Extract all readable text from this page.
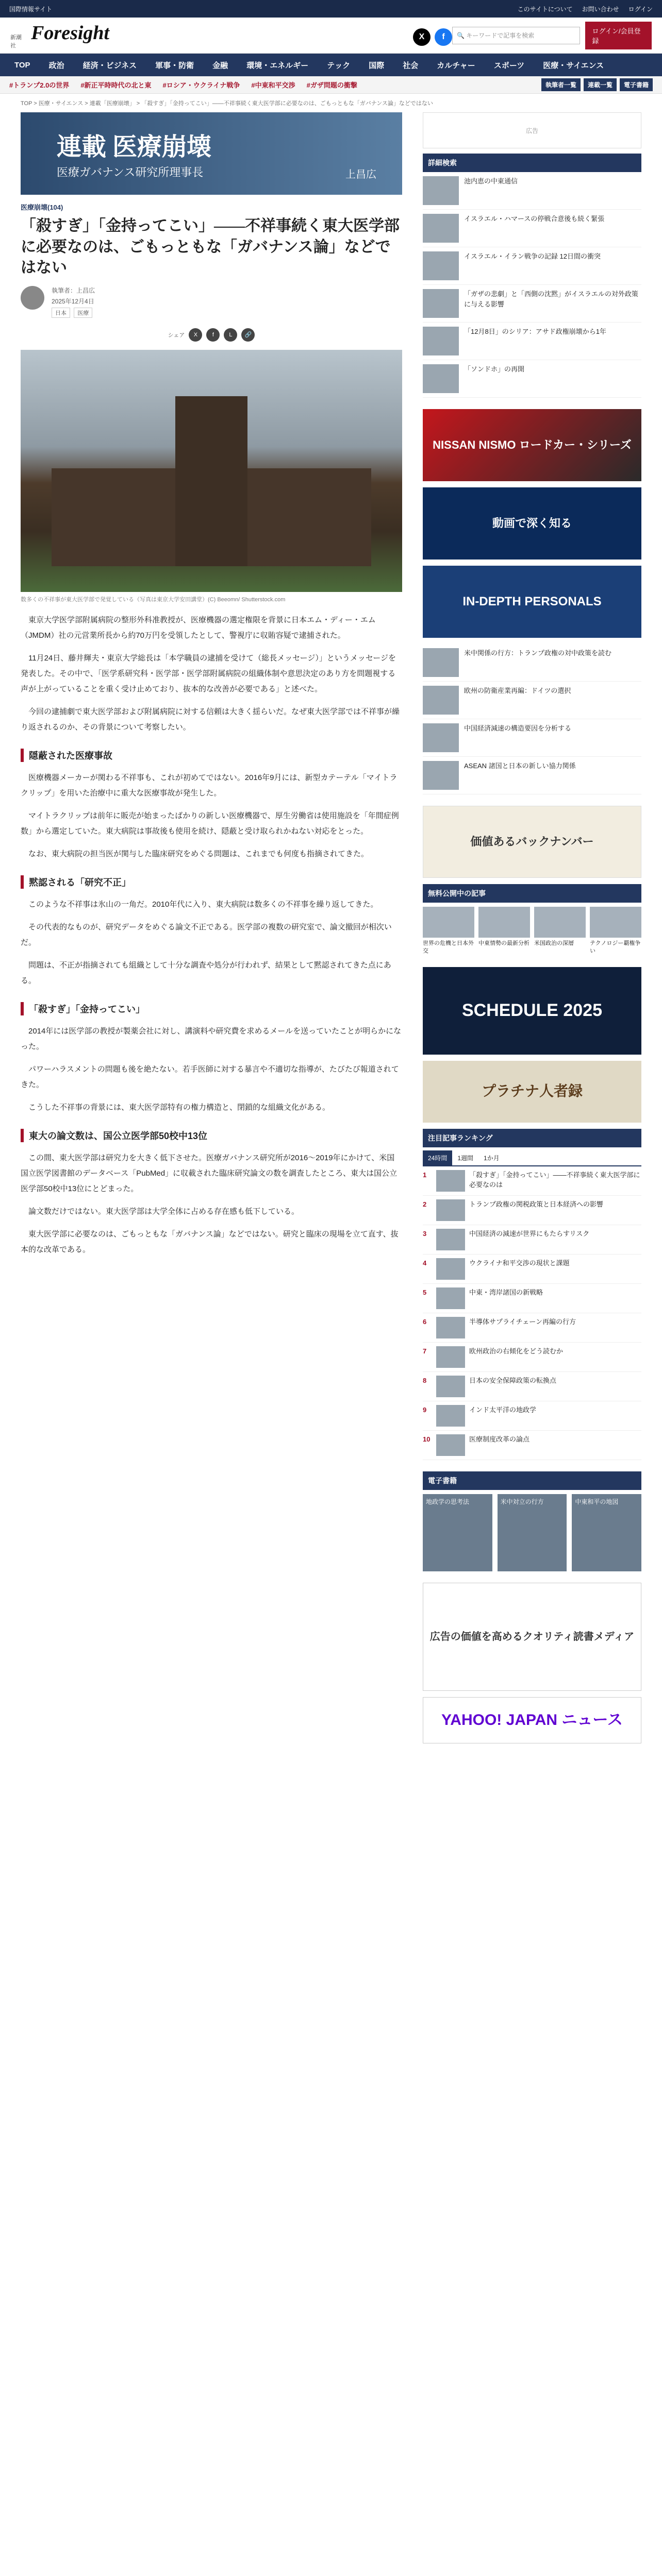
国際情報サイト	このサイトについて お問い合わせ ログイン
新潮社
Foresight	X	f	🔍 キーワードで記事を検索
ログイン/会員登録
TOP	政治	経済・ビジネス	軍事・防衛	金融	環境・エネルギー	テック	国際	社会	カルチャー	スポーツ	医療・サイエンス
#トランプ2.0の世界 #新正平時時代の北と東 #ロシア・ウクライナ戦争 #中東和平交渉 #ガザ問題の衝撃	執筆者一覧	連載一覧	電子書籍
TOP > 医療・サイエンス > 連載「医療崩壊」 > 「殺すぎ」「金持ってこい」――不祥事続く東大医学部に必要なのは、ごもっともな「ガバナンス論」などではない
連載 医療崩壊
医療ガバナンス研究所理事長	上昌広
医療崩壊(104)
「殺すぎ」「金持ってこい」――不祥事続く東大医学部に必要なのは、ごもっともな「ガバナンス論」などではない
執筆者：上昌広
2025年12月4日
日本 医療
シェア	X	f	L	🔗
数多くの不祥事が東大医学部で発覚している（写真は東京大学安田講堂）(C) Beeomn/ Shutterstock.com

東京大学医学部附属病院の整形外科准教授が、医療機器の選定権限を背景に日本エム・ディー・エム（JMDM）社の元営業所長から約70万円を受領したとして、警視庁に収賄容疑で逮捕された。

11月24日、藤井輝夫・東京大学総長は「本学職員の逮捕を受けて（総長メッセージ）」というメッセージを発表した。その中で、「医学系研究科・医学部・医学部附属病院の組織体制や意思決定のあり方を問題視する声が上がっていることを重く受け止めており、抜本的な改善が必要である」と述べた。

今回の逮捕劇で東大医学部および附属病院に対する信頼は大きく揺らいだ。なぜ東大医学部では不祥事が繰り返されるのか、その背景について考察したい。

隠蔽された医療事故

医療機器メーカーが関わる不祥事も、これが初めてではない。2016年9月には、新型カテーテル「マイトラクリップ」を用いた治療中に重大な医療事故が発生した。

マイトラクリップは前年に販売が始まったばかりの新しい医療機器で、厚生労働省は使用施設を「年間症例数」から選定していた。東大病院は事故後も使用を続け、隠蔽と受け取られかねない対応をとった。

なお、東大病院の担当医が関与した臨床研究をめぐる問題は、これまでも何度も指摘されてきた。

黙認される「研究不正」

このような不祥事は氷山の一角だ。2010年代に入り、東大病院は数多くの不祥事を繰り返してきた。

その代表的なものが、研究データをめぐる論文不正である。医学部の複数の研究室で、論文撤回が相次いだ。

問題は、不正が指摘されても組織として十分な調査や処分が行われず、結果として黙認されてきた点にある。

「殺すぎ」「金持ってこい」

2014年には医学部の教授が製薬会社に対し、講演料や研究費を求めるメールを送っていたことが明らかになった。

パワーハラスメントの問題も後を絶たない。若手医師に対する暴言や不適切な指導が、たびたび報道されてきた。

こうした不祥事の背景には、東大医学部特有の権力構造と、閉鎖的な組織文化がある。

東大の論文数は、国公立医学部50校中13位

この間、東大医学部は研究力を大きく低下させた。医療ガバナンス研究所が2016〜2019年にかけて、米国国立医学図書館のデータベース「PubMed」に収載された臨床研究論文の数を調査したところ、東大は国公立医学部50校中13位にとどまった。

論文数だけではない。東大医学部は大学全体に占める存在感も低下している。

東大医学部に必要なのは、ごもっともな「ガバナンス論」などではない。研究と臨床の現場を立て直す、抜本的な改革である。

広告
詳細検索
池内恵の中東通信
イスラエル・ハマースの停戦合意後も続く緊張
イスラエル・イラン戦争の記録 12日間の衝突
「ガザの悲劇」と「西側の沈黙」がイスラエルの対外政策に与える影響
「12月8日」のシリア：アサド政権崩壊から1年
「ソンドホ」の再開
NISSAN NISMO ロードカー・シリーズ
動画で深く知る
IN-DEPTH PERSONALS
米中関係の行方：トランプ政権の対中政策を読む
欧州の防衛産業再編：ドイツの選択
中国経済減速の構造要因を分析する
ASEAN 諸国と日本の新しい協力関係
価値あるバックナンバー
無料公開中の記事
世界の危機と日本外交
中東情勢の最新分析 米国政治の深層	テクノロジー覇権争い
SCHEDULE 2025
プラチナ人者録
注目記事ランキング
24時間	1週間	1か月
1	「殺すぎ」「金持ってこい」――不祥事続く東大医学部に必要なのは
2	トランプ政権の関税政策と日本経済への影響
3	中国経済の減速が世界にもたらすリスク
4	ウクライナ和平交渉の現状と課題
5	中東・湾岸諸国の新戦略
6	半導体サプライチェーン再編の行方
7	欧州政治の右傾化をどう読むか
8	日本の安全保障政策の転換点
9	インド太平洋の地政学
10	医療制度改革の論点
電子書籍
地政学の思考法	米中対立の行方	中東和平の地図
広告の価値を高めるクオリティ読書メディア
YAHOO! JAPAN ニュース
